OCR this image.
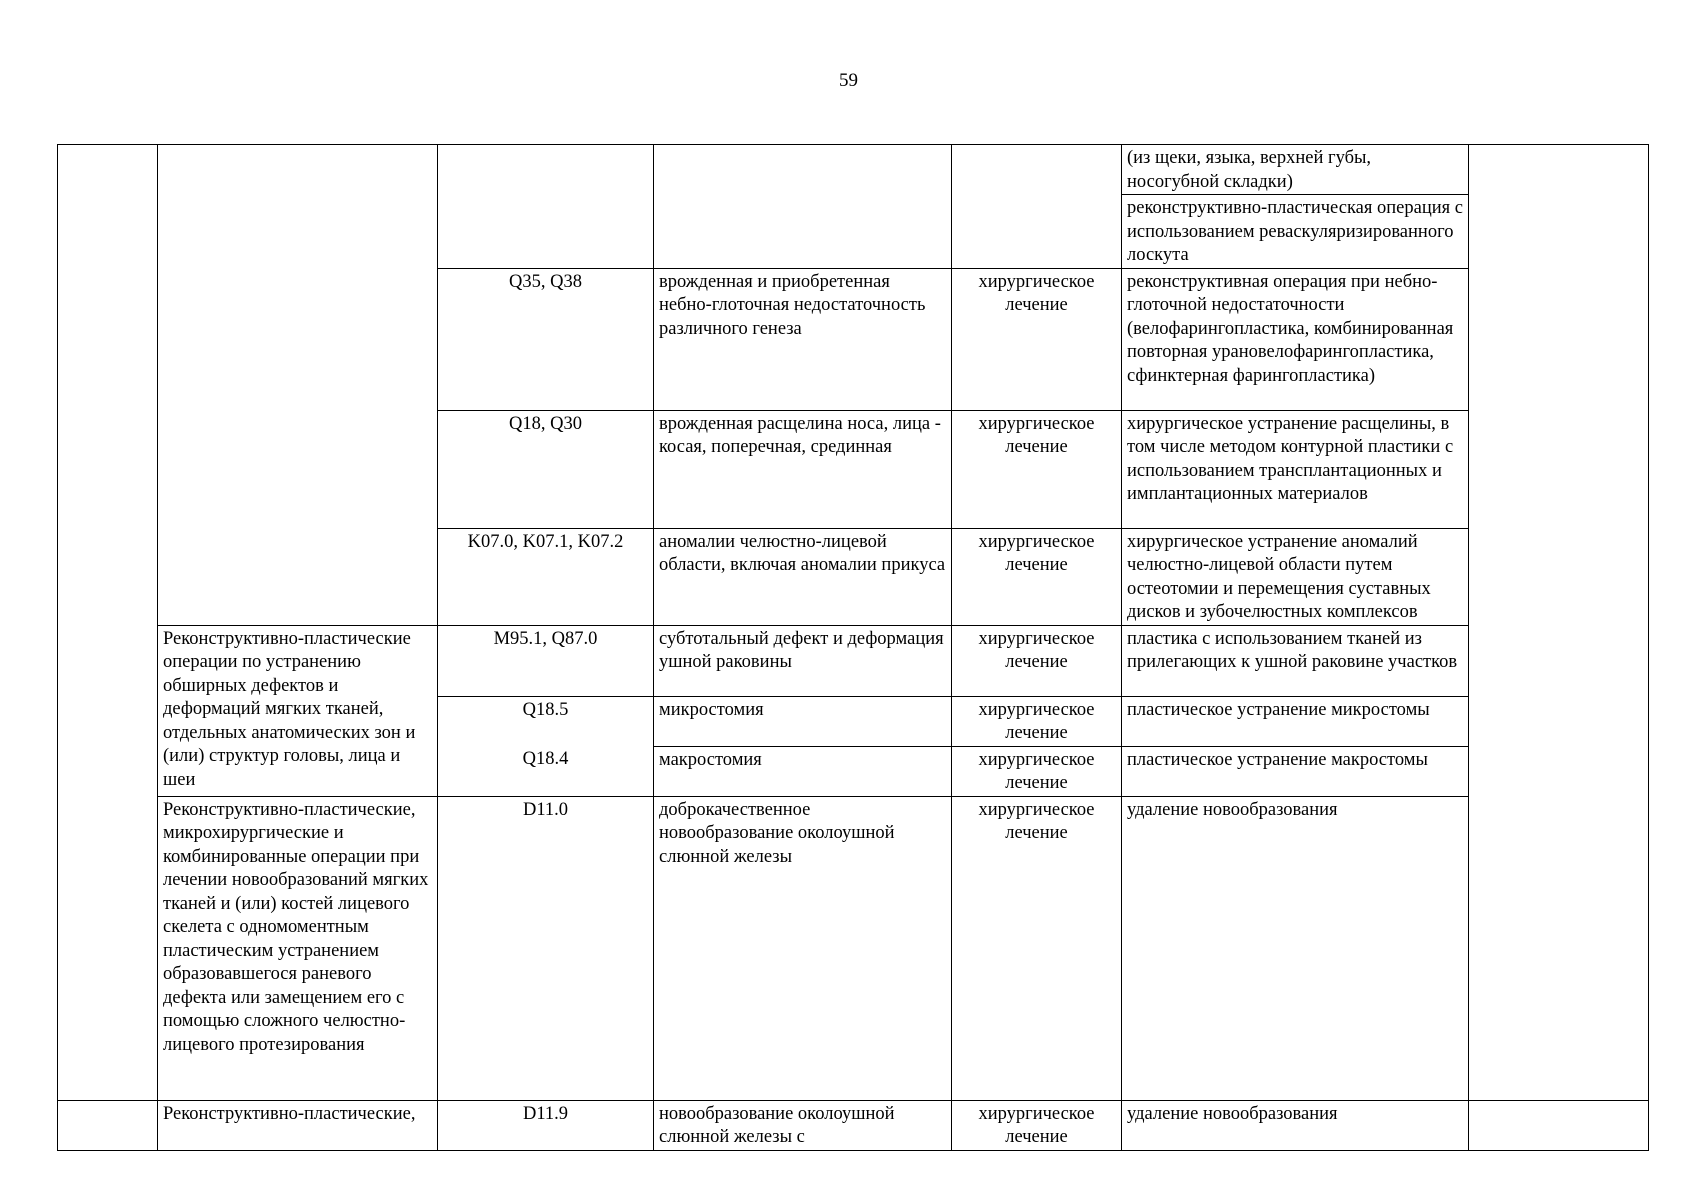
59
					(из щеки, языка, верхней губы, носогубной складки)	
					реконструктивно-пластическая операция с использованием реваскуляризированного лоскута	
		Q35, Q38	врожденная и приобретенная небно-глоточная недостаточность различного генеза	хирургическое лечение	реконструктивная операция при небно-глоточной недостаточности (велофарингопластика, комбинированная повторная урановелофарингопластика, сфинктерная фарингопластика)	
		Q18, Q30	врожденная расщелина носа, лица - косая, поперечная, срединная	хирургическое лечение	хирургическое устранение расщелины, в том числе методом контурной пластики с использованием трансплантационных и имплантационных материалов	
		K07.0, K07.1, K07.2	аномалии челюстно-лицевой области, включая аномалии прикуса	хирургическое лечение	хирургическое устранение аномалий челюстно-лицевой области путем остеотомии и перемещения суставных дисков и зубочелюстных комплексов	
	Реконструктивно-пластические операции по устранению обширных дефектов и деформаций мягких тканей, отдельных анатомических зон и (или) структур головы, лица и шеи	M95.1, Q87.0	субтотальный дефект и деформация ушной раковины	хирургическое лечение	пластика с использованием тканей из прилегающих к ушной раковине участков	
		Q18.5	микростомия	хирургическое лечение	пластическое устранение микростомы	
		Q18.4	макростомия	хирургическое лечение	пластическое устранение макростомы	
	Реконструктивно-пластические, микрохирургические и комбинированные операции при лечении новообразований мягких тканей и (или) костей лицевого скелета с одномоментным пластическим устранением образовавшегося раневого дефекта или замещением его с помощью сложного челюстно-лицевого протезирования	D11.0	доброкачественное новообразование околоушной слюнной железы	хирургическое лечение	удаление новообразования	
	Реконструктивно-пластические,	D11.9	новообразование околоушной слюнной железы с	хирургическое лечение	удаление новообразования	
